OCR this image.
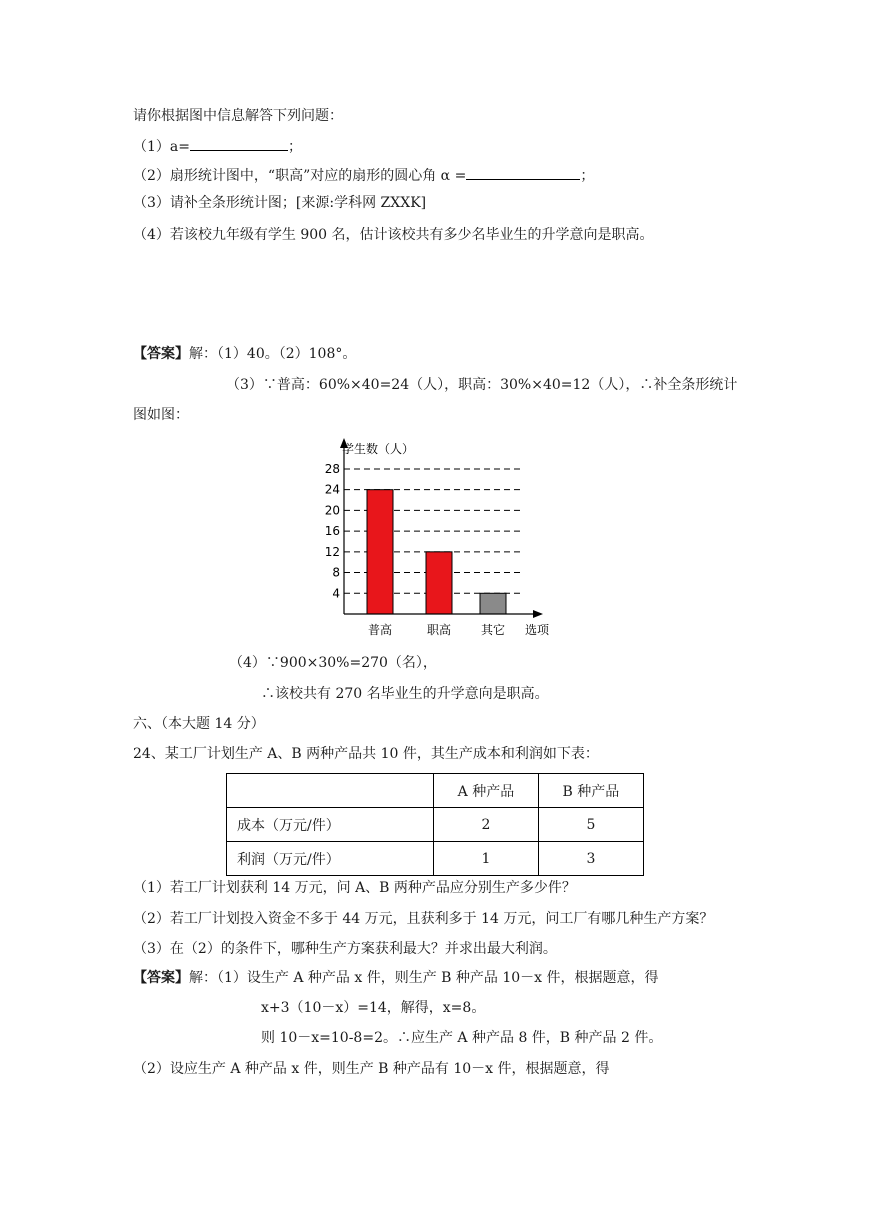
请你根据图中信息解答下列问题：
（1）a=	；
（2）扇形统计图中，“职高”对应的扇形的圆心角 α =	；
（3）请补全条形统计图；[来源:学科网 ZXXK]
（4）若该校九年级有学生 900 名，估计该校共有多少名毕业生的升学意向是职高。
【答案】解：（1）40。（2）108°。
（3）∵普高：60%×40=24（人），职高：30%×40=12（人），∴补全条形统计
图如图：
学生数（人）
选项
4
8
12
16
20
24
28
普高	职高 其它
（4）∵900×30%=270（名），
∴该校共有 270 名毕业生的升学意向是职高。
六、（本大题 14 分）
24、某工厂计划生产 A、B 两种产品共 10 件，其生产成本和利润如下表：
	A 种产品	B 种产品
成本（万元/件）	2	5
利润（万元/件）	1	3
（1）若工厂计划获利 14 万元，问 A、B 两种产品应分别生产多少件？
（2）若工厂计划投入资金不多于 44 万元，且获利多于 14 万元，问工厂有哪几种生产方案？
（3）在（2）的条件下，哪种生产方案获利最大？并求出最大利润。
【答案】解：（1）设生产 A 种产品 x 件，则生产 B 种产品 10－x 件，根据题意，得
x+3（10－x）=14，解得，x=8。
则 10－x=10-8=2。∴应生产 A 种产品 8 件，B 种产品 2 件。
（2）设应生产 A 种产品 x 件，则生产 B 种产品有 10－x 件，根据题意，得
